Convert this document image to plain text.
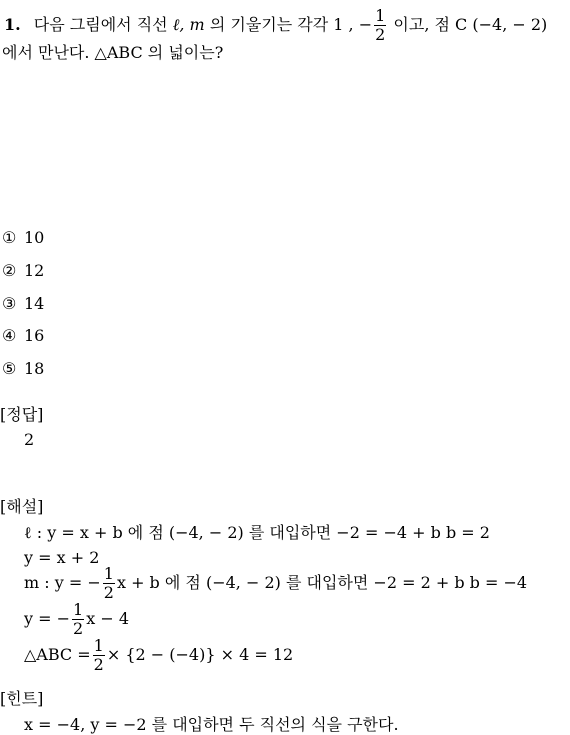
1. 다음 그림에서 직선 ℓ, m 의 기울기는 각각 1 , − $\frac{1}{2}$ 이고, 점 C (−4, − 2)
에서 만난다. △ABC 의 넓이는?
① 10
② 12
③ 14
④ 16
⑤ 18
[정답]
2
[해설]
ℓ : y = x + b 에 점 (−4, − 2) 를 대입하면 −2 = −4 + b b = 2
y = x + 2
m : y = − $\frac{1}{2}$ x + b 에 점 (−4, − 2) 를 대입하면 −2 = 2 + b b = −4
y = − $\frac{1}{2}$ x − 4
△ABC = $\frac{1}{2} \times \{2 - (-4)\} \times 4 = 12$
[힌트]
x = −4, y = −2 를 대입하면 두 직선의 식을 구한다.
